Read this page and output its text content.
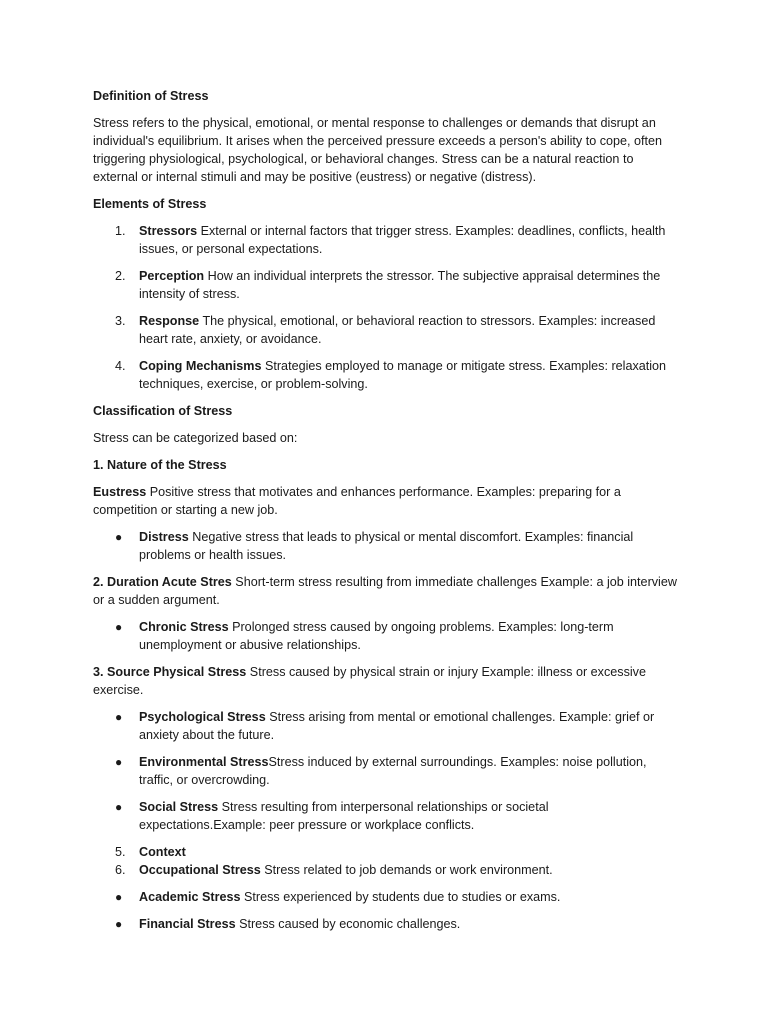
Definition of Stress
Stress refers to the physical, emotional, or mental response to challenges or demands that disrupt an individual's equilibrium. It arises when the perceived pressure exceeds a person's ability to cope, often triggering physiological, psychological, or behavioral changes. Stress can be a natural reaction to external or internal stimuli and may be positive (eustress) or negative (distress).
Elements of Stress
1. Stressors External or internal factors that trigger stress. Examples: deadlines, conflicts, health issues, or personal expectations.
2. Perception How an individual interprets the stressor. The subjective appraisal determines the intensity of stress.
3. Response The physical, emotional, or behavioral reaction to stressors. Examples: increased heart rate, anxiety, or avoidance.
4. Coping Mechanisms Strategies employed to manage or mitigate stress. Examples: relaxation techniques, exercise, or problem-solving.
Classification of Stress
Stress can be categorized based on:
1. Nature of the Stress
Eustress Positive stress that motivates and enhances performance. Examples: preparing for a competition or starting a new job.
● Distress Negative stress that leads to physical or mental discomfort. Examples: financial problems or health issues.
2. Duration Acute Stres Short-term stress resulting from immediate challenges Example: a job interview or a sudden argument.
● Chronic Stress Prolonged stress caused by ongoing problems. Examples: long-term unemployment or abusive relationships.
3. Source Physical Stress Stress caused by physical strain or injury Example: illness or excessive exercise.
● Psychological Stress Stress arising from mental or emotional challenges. Example: grief or anxiety about the future.
● Environmental StressStress induced by external surroundings. Examples: noise pollution, traffic, or overcrowding.
● Social Stress Stress resulting from interpersonal relationships or societal expectations.Example: peer pressure or workplace conflicts.
5. Context
6. Occupational Stress Stress related to job demands or work environment.
● Academic Stress Stress experienced by students due to studies or exams.
● Financial Stress Stress caused by economic challenges.
